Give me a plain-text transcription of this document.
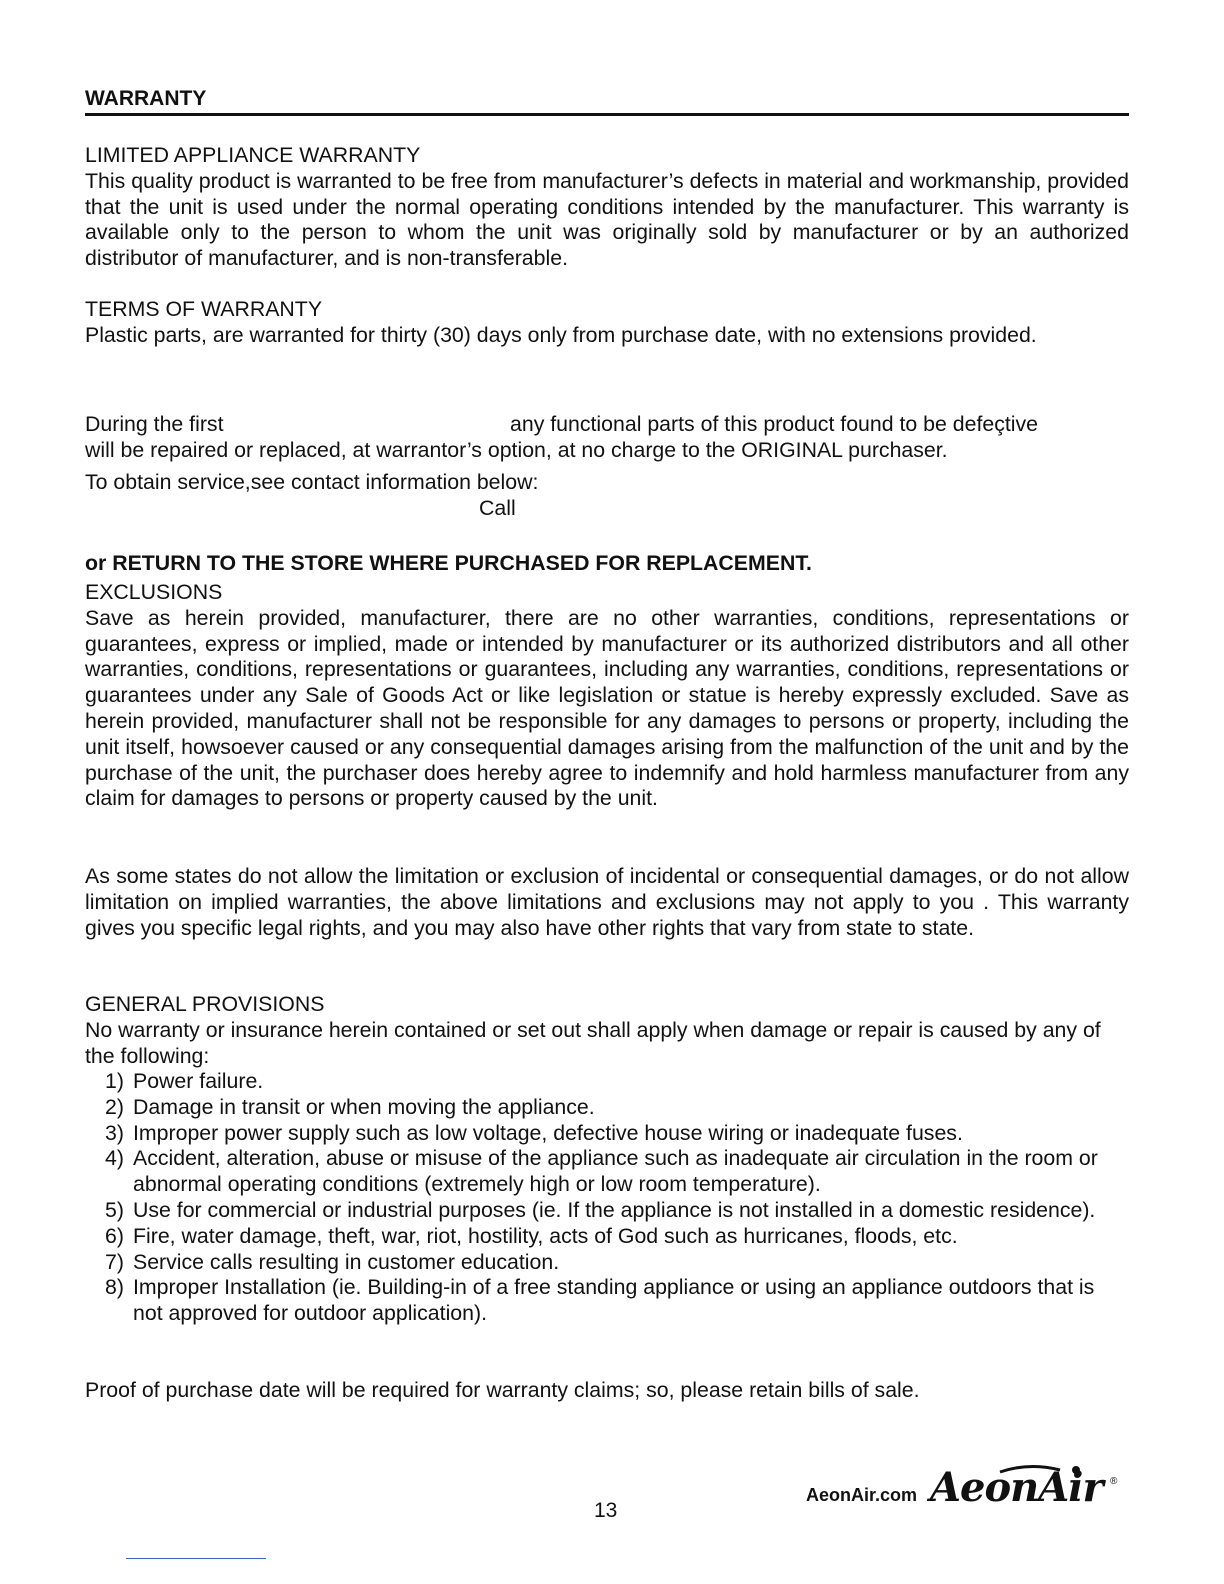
WARRANTY

LIMITED APPLIANCE WARRANTY

This quality product is warranted to be free from manufacturer’s defects in material and workmanship, provided that the unit is used under the normal operating conditions intended by the manufacturer. This warranty is available only to the person to whom the unit was originally sold by manufacturer or by an authorized distributor of manufacturer, and is non-transferable.

TERMS OF WARRANTY

Plastic parts, are warranted for thirty (30) days only from purchase date, with no extensions provided.

During the first	any functional parts of this product found to be defeçtive

will be repaired or replaced, at warrantor’s option, at no charge to the ORIGINAL purchaser.

To obtain service,see contact information below:

Call

or RETURN TO THE STORE WHERE PURCHASED FOR REPLACEMENT.

EXCLUSIONS

Save as herein provided, manufacturer, there are no other warranties, conditions, representations or guarantees, express or implied, made or intended by manufacturer or its authorized distributors and all other warranties, conditions, representations or guarantees, including any warranties, conditions, representations or guarantees under any Sale of Goods Act or like legislation or statue is hereby expressly excluded. Save as herein provided, manufacturer shall not be responsible for any damages to persons or property, including the unit itself, howsoever caused or any consequential damages arising from the malfunction of the unit and by the purchase of the unit, the purchaser does hereby agree to indemnify and hold harmless manufacturer from any claim for damages to persons or property caused by the unit.

As some states do not allow the limitation or exclusion of incidental or consequential damages, or do not allow limitation on implied warranties, the above limitations and exclusions may not apply to you . This warranty gives you specific legal rights, and you may also have other rights that vary from state to state.

GENERAL PROVISIONS

No warranty or insurance herein contained or set out shall apply when damage or repair is caused by any of the following:

1) Power failure.
2) Damage in transit or when moving the appliance.
3) Improper power supply such as low voltage, defective house wiring or inadequate fuses.
4) Accident, alteration, abuse or misuse of the appliance such as inadequate air circulation in the room or abnormal operating conditions (extremely high or low room temperature).
5) Use for commercial or industrial purposes (ie. If the appliance is not installed in a domestic residence).
6) Fire, water damage, theft, war, riot, hostility, acts of God such as hurricanes, floods, etc.
7) Service calls resulting in customer education.
8) Improper Installation (ie. Building-in of a free standing appliance or using an appliance outdoors that is not approved for outdoor application).
Proof of purchase date will be required for warranty claims; so, please retain bills of sale.
13
AeonAir.com AeonAir ®
